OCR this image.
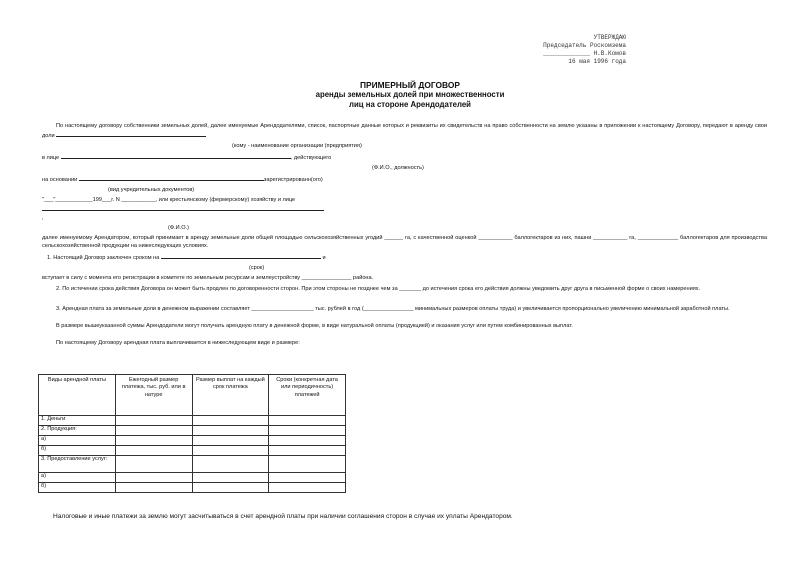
УТВЕРЖДАЮ
Председатель Роскомзема
_____________ Н.В.Комов
16 мая 1996 года
ПРИМЕРНЫЙ ДОГОВОР
аренды земельных долей при множественности
лиц на стороне Арендодателей

По настоящему договору собственники земельных долей, далее именуемые Арендодателями, список, паспортные данные которых и реквизиты их свидетельств на право собственности на землю указаны в приложении к настоящему Договору, передают в аренду свои доли

(кому - наименование организации (предприятия)
в лице	, действующего
(Ф.И.О., должность)
на основании	зарегистрированн(ого)
(вид учредительных документов)
"___"____________199___г. N ___________, или крестьянскому (фермерскому) хозяйству и лице
,
(Ф.И.О.)

далее именуемому Арендатором, который принимает в аренду земельные доли общей площадью сельскохозяйственных угодий ______ га, с качественной оценкой ___________ баллогектаров из них, пашни ___________ га, _____________ баллогектаров для производства сельскохозяйственной продукции на нижеследующих условиях.

1. Настоящий Договор заключен сроком на	и
(срок)

вступает в силу с момента его регистрации в комитете по земельным ресурсам и землеустройству ________________ района.

2. По истечении срока действия Договора он может быть продлен по договоренности сторон. При этом стороны не позднее чем за _______ до истечения срока его действия должны уведомить друг друга в письменной форме о своих намерениях.

3. Арендная плата за земельные доли в денежном выражении составляет ____________________ тыс. рублей в год (________________ минимальных размеров оплаты труда) и увеличивается пропорционально увеличению минимальной заработной платы.

В размере вышеуказанной суммы Арендодатели могут получать арендную плату в денежной форме, в виде натуральной оплаты (продукцией) и оказания услуг или путем комбинированных выплат.

По настоящему Договору арендная плата выплачивается в нижеследующем виде и размере:

Виды арендной платы	Ежегодный размер платежа, тыс. руб. или в натуре	Размер выплат на каждый срок платежа	Сроки (конкретная дата или периодичность) платежей
1. Деньги			
2. Продукция:			
а)			
б)			
3. Предоставление услуг:			
а)			
б)			
Налоговые и иные платежи за землю могут засчитываться в счет арендной платы при наличии соглашения сторон в случае их уплаты Арендатором.
